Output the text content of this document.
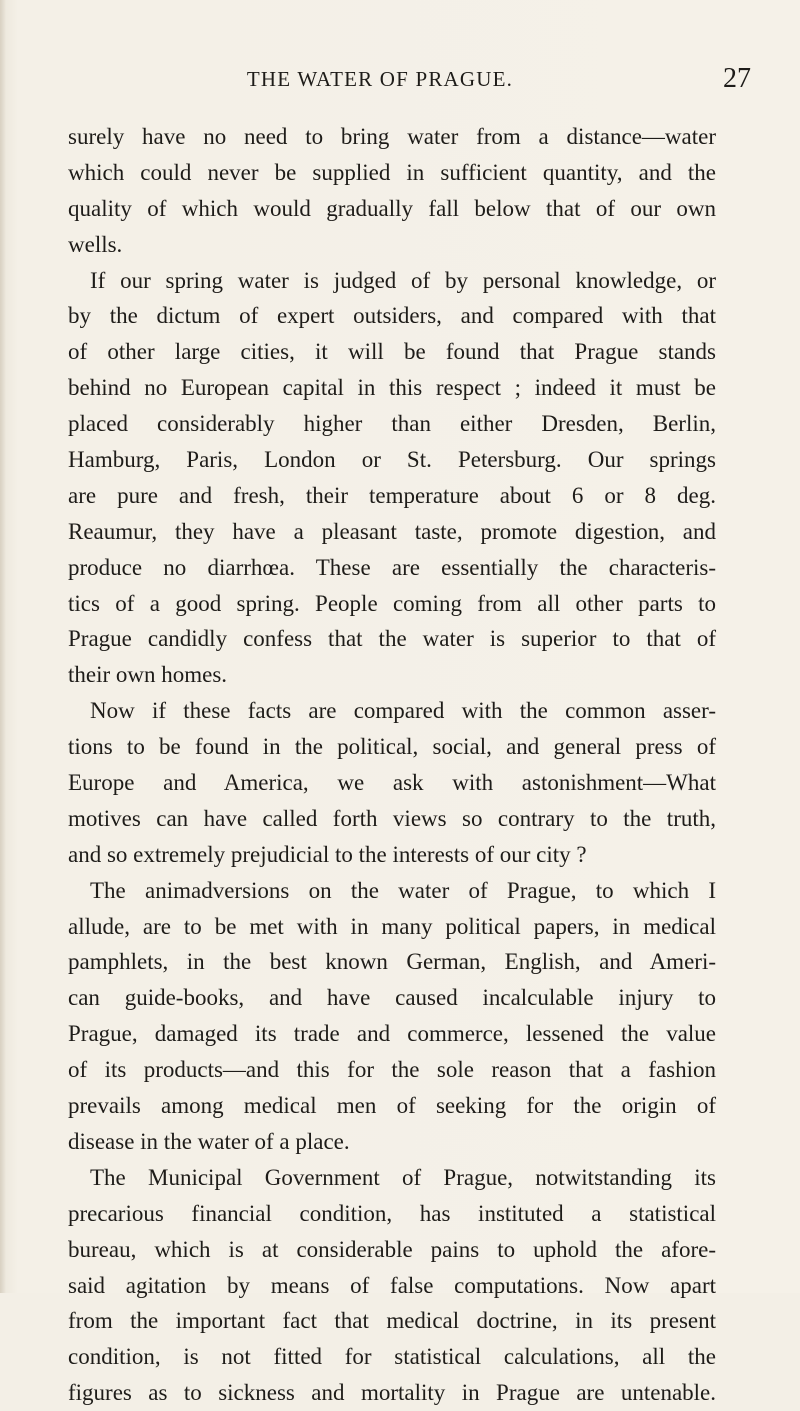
THE WATER OF PRAGUE.	27
surely have no need to bring water from a distance—water
which could never be supplied in sufficient quantity, and the
quality of which would gradually fall below that of our own
wells.
If our spring water is judged of by personal knowledge, or
by the dictum of expert outsiders, and compared with that
of other large cities, it will be found that Prague stands
behind no European capital in this respect ; indeed it must be
placed considerably higher than either Dresden, Berlin,
Hamburg, Paris, London or St. Petersburg. Our springs
are pure and fresh, their temperature about 6 or 8 deg.
Reaumur, they have a pleasant taste, promote digestion, and
produce no diarrhœa. These are essentially the characteris-
tics of a good spring. People coming from all other parts to
Prague candidly confess that the water is superior to that of
their own homes.
Now if these facts are compared with the common asser-
tions to be found in the political, social, and general press of
Europe and America, we ask with astonishment—What
motives can have called forth views so contrary to the truth,
and so extremely prejudicial to the interests of our city ?
The animadversions on the water of Prague, to which I
allude, are to be met with in many political papers, in medical
pamphlets, in the best known German, English, and Ameri-
can guide-books, and have caused incalculable injury to
Prague, damaged its trade and commerce, lessened the value
of its products—and this for the sole reason that a fashion
prevails among medical men of seeking for the origin of
disease in the water of a place.
The Municipal Government of Prague, notwitstanding its
precarious financial condition, has instituted a statistical
bureau, which is at considerable pains to uphold the afore-
said agitation by means of false computations. Now apart
from the important fact that medical doctrine, in its present
condition, is not fitted for statistical calculations, all the
figures as to sickness and mortality in Prague are untenable.
